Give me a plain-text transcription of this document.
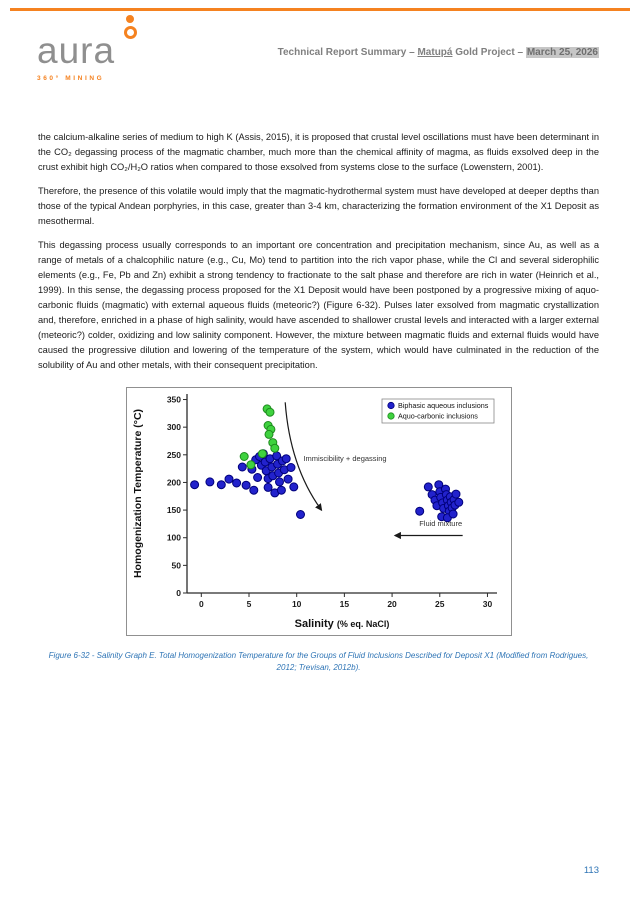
aura
360° MINING
Technical Report Summary – Matupá Gold Project – March 25, 2026

the calcium-alkaline series of medium to high K (Assis, 2015), it is proposed that crustal level oscillations must have been determinant in the CO₂ degassing process of the magmatic chamber, much more than the chemical affinity of magma, as fluids exsolved deep in the crust exhibit high CO₂/H₂O ratios when compared to those exsolved from systems close to the surface (Lowenstern, 2001).

Therefore, the presence of this volatile would imply that the magmatic-hydrothermal system must have developed at deeper depths than those of the typical Andean porphyries, in this case, greater than 3-4 km, characterizing the formation environment of the X1 Deposit as mesothermal.

This degassing process usually corresponds to an important ore concentration and precipitation mechanism, since Au, as well as a range of metals of a chalcophilic nature (e.g., Cu, Mo) tend to partition into the rich vapor phase, while the Cl and several siderophilic elements (e.g., Fe, Pb and Zn) exhibit a strong tendency to fractionate to the salt phase and therefore are rich in water (Heinrich et al., 1999). In this sense, the degassing process proposed for the X1 Deposit would have been postponed by a progressive mixing of aquo-carbonic fluids (magmatic) with external aqueous fluids (meteoric?) (Figure 6-32). Pulses later exsolved from magmatic crystallization and, therefore, enriched in a phase of high salinity, would have ascended to shallower crustal levels and interacted with a larger external (meteoric?) colder, oxidizing and low salinity component. However, the mixture between magmatic fluids and external fluids would have caused the progressive dilution and lowering of the temperature of the system, which would have culminated in the reduction of the solubility of Au and other metals, with their consequent precipitation.

0	5	10	15	20	25	30
0
50
100
150
200
250
300
350
Salinity (% eq. NaCl)
Homogenization Temperature (°C)	Immiscibility + degassing
Fluid mixture
Biphasic aqueous inclusions
Aquo-carbonic inclusions
Figure 6-32 - Salinity Graph E. Total Homogenization Temperature for the Groups of Fluid Inclusions Described for Deposit X1 (Modified from Rodrigues, 2012; Trevisan, 2012b).
113
